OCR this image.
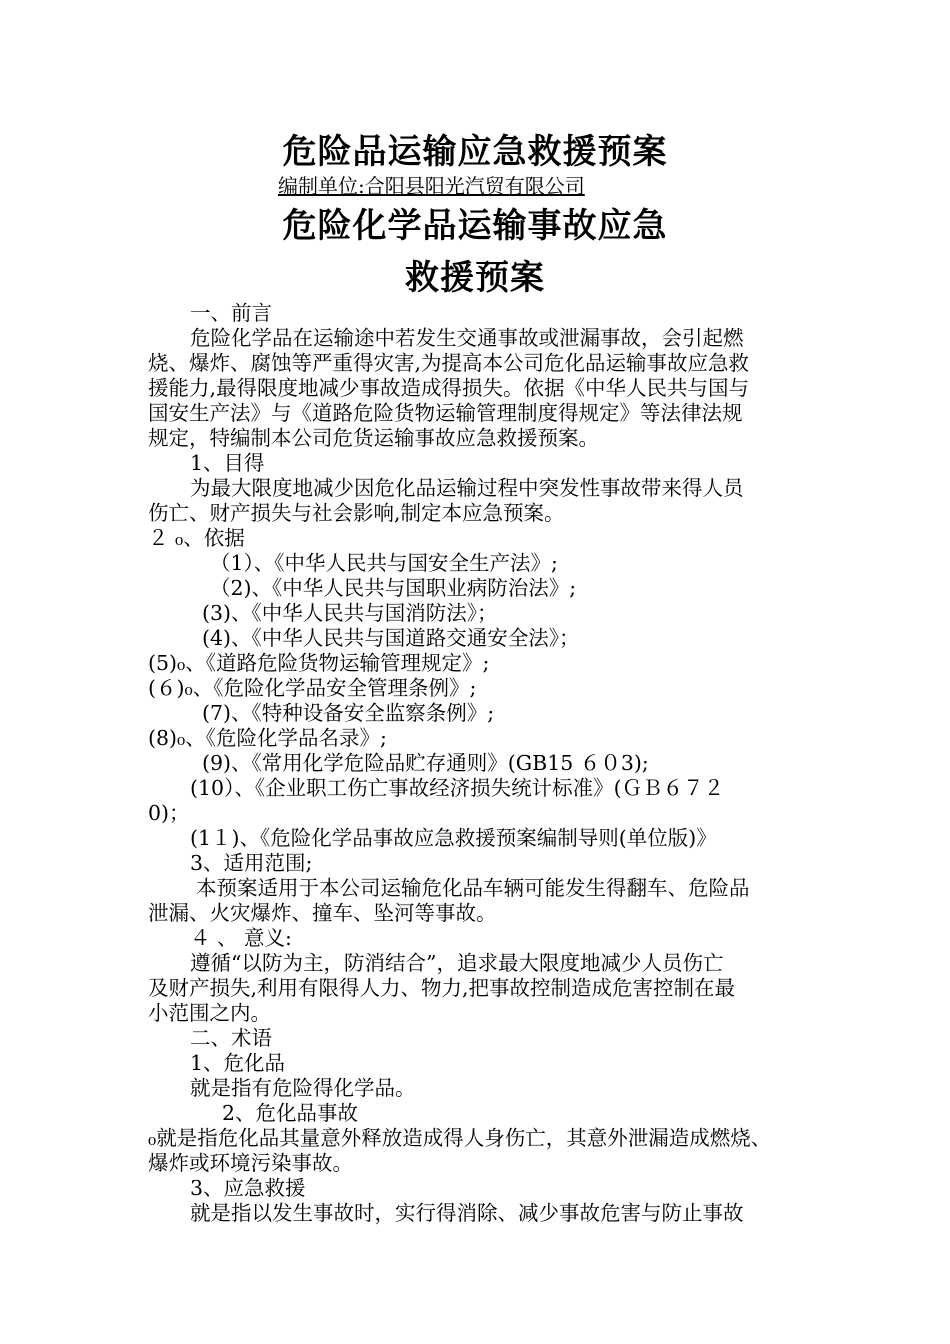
危险品运输应急救援预案
编制单位:合阳县阳光汽贸有限公司
危险化学品运输事故应急
救援预案
一、前言
危险化学品在运输途中若发生交通事故或泄漏事故，会引起燃
烧、爆炸、腐蚀等严重得灾害,为提高本公司危化品运输事故应急救
援能力,最得限度地减少事故造成得损失。依据《中华人民共与国与
国安生产法》与《道路危险货物运输管理制度得规定》等法律法规
规定，特编制本公司危货运输事故应急救援预案。
1、目得
为最大限度地减少因危化品运输过程中突发性事故带来得人员
伤亡、财产损失与社会影响,制定本应急预案。
２ ₀、依据
（1）、《中华人民共与国安全生产法》;
（2)、《中华人民共与国职业病防治法》;
(3)、《中华人民共与国消防法》；
(4)、《中华人民共与国道路交通安全法》；
(5)₀、《道路危险货物运输管理规定》;
(６)₀、《危险化学品安全管理条例》;
(7)、《特种设备安全监察条例》;
(8)₀、《危险化学品名录》;
(9)、《常用化学危险品贮存通则》(GB15 ６０3);
(10）、《企业职工伤亡事故经济损失统计标准》(ＧＢ６７２
0)；
(1１)、《危险化学品事故应急救援预案编制导则(单位版)》
3、适用范围;
本预案适用于本公司运输危化品车辆可能发生得翻车、危险品
泄漏、火灾爆炸、撞车、坠河等事故。
４ 、 意义:
遵循“以防为主，防消结合”，追求最大限度地减少人员伤亡
及财产损失,利用有限得人力、物力,把事故控制造成危害控制在最
小范围之内。
二、术语
1、危化品
就是指有危险得化学品。
2、危化品事故
₀就是指危化品其量意外释放造成得人身伤亡，其意外泄漏造成燃烧、
爆炸或环境污染事故。
3、应急救援
就是指以发生事故时，实行得消除、减少事故危害与防止事故
